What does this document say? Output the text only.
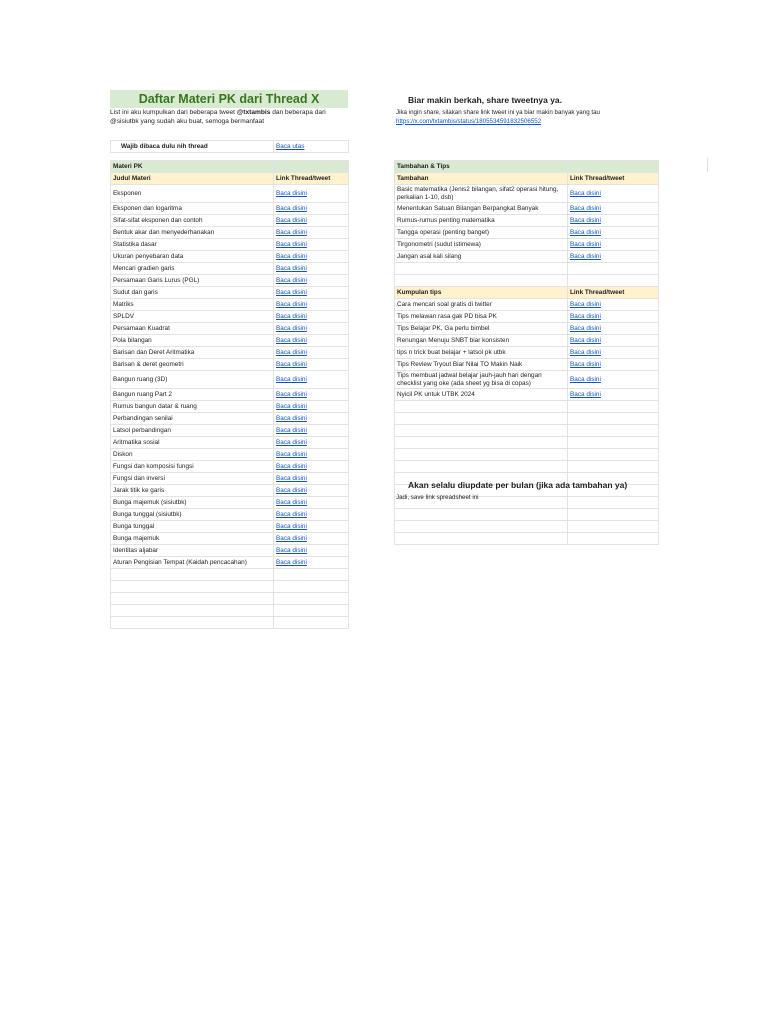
Daftar Materi PK dari Thread X
List ini aku kumpulkan dari beberapa tweet @txtambis dan beberapa dari @sisiutbk yang sudah aku buat, semoga bermanfaat
Biar makin berkah, share tweetnya ya.
Jika ingin share, silakan share link tweet ini ya biar makin banyak yang tau
https://x.com/txtambis/status/1805534591832506552
Wajib dibaca dulu nih thread	Baca utas
Materi PK	
Judul Materi	Link Thread/tweet
Eksponen	Baca disini
Eksponen dan logaritma	Baca disini
Sifat-sifat eksponen dan contoh	Baca disini
Bentuk akar dan menyederhanakan	Baca disini
Statistika dasar	Baca disini
Ukuran penyebaran data	Baca disini
Mencari gradien garis	Baca disini
Persamaan Garis Lurus (PGL)	Baca disini
Sudut dan garis	Baca disini
Matriks	Baca disini
SPLDV	Baca disini
Persamaan Kuadrat	Baca disini
Pola bilangan	Baca disini
Barisan dan Deret Aritmatika	Baca disini
Barisan & deret geometri	Baca disini
Bangun ruang (3D)	Baca disini
Bangun ruang Part 2	Baca disini
Rumus bangun datar & ruang	Baca disini
Perbandingan senilai	Baca disini
Latsol perbandingan	Baca disini
Aritmatika sosial	Baca disini
Diskon	Baca disini
Fungsi dan komposisi fungsi	Baca disini
Fungsi dan inversi	Baca disini
Jarak titik ke garis	Baca disini
Bunga majemuk (sisiutbk)	Baca disini
Bunga tunggal (sisiutbk)	Baca disini
Bunga tunggal	Baca disini
Bunga majemuk	Baca disini
Identitas aljabar	Baca disini
Aturan Pengisian Tempat (Kaidah pencacahan)	Baca disini

Tambahan & Tips	
Tambahan	Link Thread/tweet
Basic matematika (Jenis2 bilangan, sifat2 operasi hitung, perkalian 1-10, dsb)	Baca disini
Menentukan Satuan Bilangan Berpangkat Banyak	Baca disini
Rumus-rumus penting matematika	Baca disini
Tangga operasi (penting banget)	Baca disini
Tirgonometri (sudut istimewa)	Baca disini
Jangan asal kali silang	Baca disini

Kumpulan tips	Link Thread/tweet
Cara mencari soal gratis di twitter	Baca disini
Tips melawan rasa gak PD bisa PK	Baca disini
Tips Belajar PK, Ga perlu bimbel	Baca disini
Renungan Menuju SNBT biar konsisten	Baca disini
tips n trick buat belajar + latsol pk utbk	Baca disini
Tips Review Tryout Biar Nilai TO Makin Naik	Baca disini
Tips membuat jadwal belajar jauh-jauh hari dengan checklist yang oke (ada sheet yg bisa di copas)	Baca disini
Nyicil PK untuk UTBK 2024	Baca disini

Akan selalu diupdate per bulan (jika ada tambahan ya)
Jadi, save link spreadsheet ini
